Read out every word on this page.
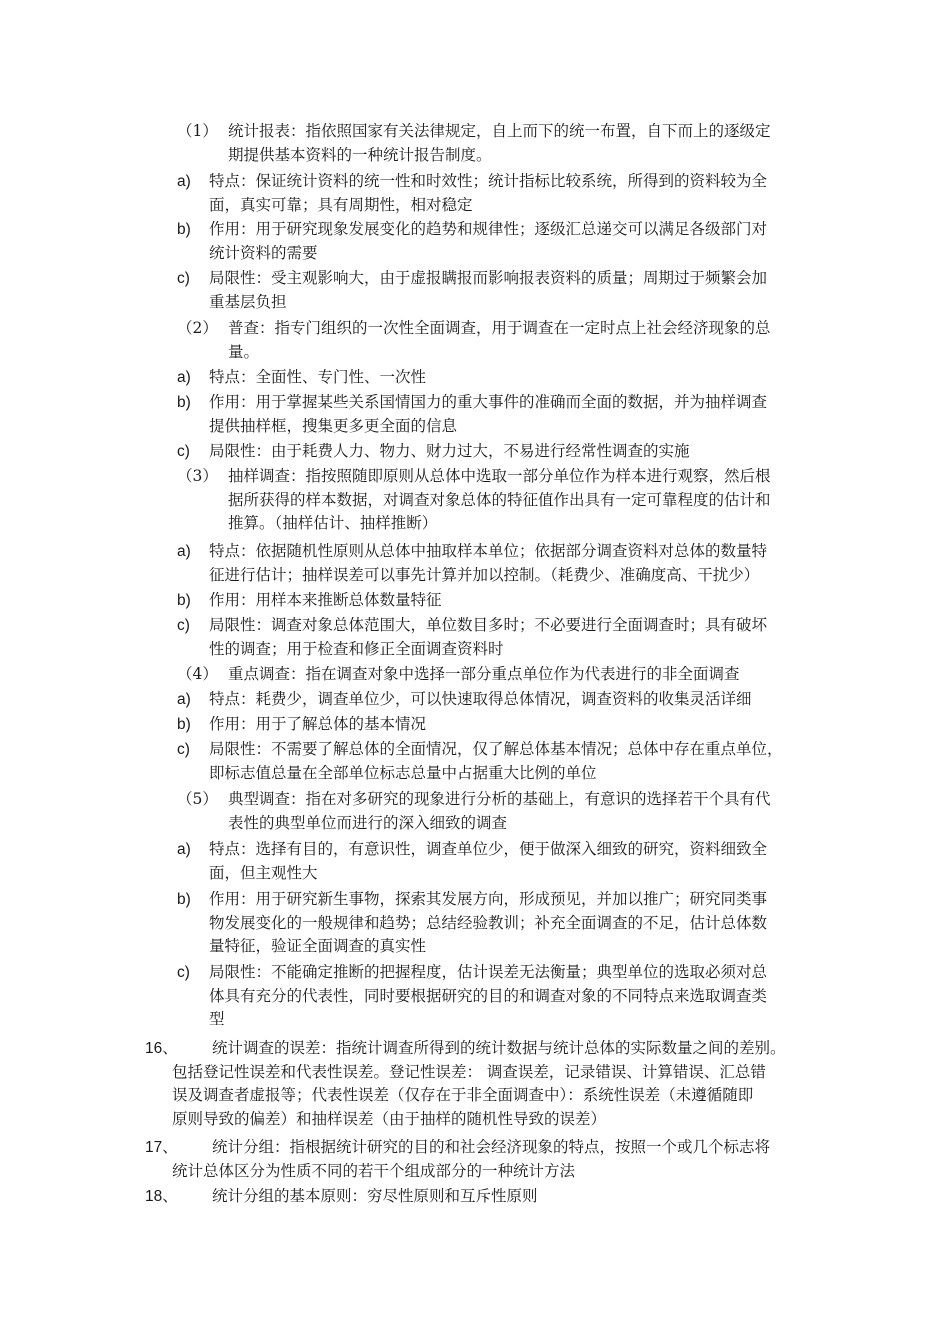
（1） 统计报表：指依照国家有关法律规定，自上而下的统一布置，自下而上的逐级定
期提供基本资料的一种统计报告制度。
a) 特点：保证统计资料的统一性和时效性；统计指标比较系统，所得到的资料较为全
面，真实可靠；具有周期性，相对稳定
b) 作用：用于研究现象发展变化的趋势和规律性；逐级汇总递交可以满足各级部门对
统计资料的需要
c) 局限性：受主观影响大，由于虚报瞒报而影响报表资料的质量；周期过于频繁会加
重基层负担
（2） 普查：指专门组织的一次性全面调查，用于调查在一定时点上社会经济现象的总
量。
a) 特点：全面性、专门性、一次性
b) 作用：用于掌握某些关系国情国力的重大事件的准确而全面的数据，并为抽样调查
提供抽样框，搜集更多更全面的信息
c) 局限性：由于耗费人力、物力、财力过大，不易进行经常性调查的实施
（3） 抽样调查：指按照随即原则从总体中选取一部分单位作为样本进行观察，然后根
据所获得的样本数据，对调查对象总体的特征值作出具有一定可靠程度的估计和
推算。（抽样估计、抽样推断）
a) 特点：依据随机性原则从总体中抽取样本单位；依据部分调查资料对总体的数量特
征进行估计；抽样误差可以事先计算并加以控制。（耗费少、准确度高、干扰少）
b) 作用：用样本来推断总体数量特征
c) 局限性：调查对象总体范围大，单位数目多时；不必要进行全面调查时；具有破坏
性的调查；用于检查和修正全面调查资料时
（4） 重点调查：指在调查对象中选择一部分重点单位作为代表进行的非全面调查
a) 特点：耗费少，调查单位少，可以快速取得总体情况，调查资料的收集灵活详细
b) 作用：用于了解总体的基本情况
c) 局限性：不需要了解总体的全面情况，仅了解总体基本情况；总体中存在重点单位，
即标志值总量在全部单位标志总量中占据重大比例的单位
（5） 典型调查：指在对多研究的现象进行分析的基础上，有意识的选择若干个具有代
表性的典型单位而进行的深入细致的调查
a) 特点：选择有目的，有意识性，调查单位少，便于做深入细致的研究，资料细致全
面，但主观性大
b) 作用：用于研究新生事物，探索其发展方向，形成预见，并加以推广；研究同类事
物发展变化的一般规律和趋势；总结经验教训；补充全面调查的不足，估计总体数
量特征，验证全面调查的真实性
c) 局限性：不能确定推断的把握程度，估计误差无法衡量；典型单位的选取必须对总
体具有充分的代表性，同时要根据研究的目的和调查对象的不同特点来选取调查类
型
16、 统计调查的误差：指统计调查所得到的统计数据与统计总体的实际数量之间的差别。
包括登记性误差和代表性误差。登记性误差： 调查误差，记录错误、计算错误、汇总错
误及调查者虚报等；代表性误差（仅存在于非全面调查中）：系统性误差（未遵循随即
原则导致的偏差）和抽样误差（由于抽样的随机性导致的误差）
17、 统计分组：指根据统计研究的目的和社会经济现象的特点，按照一个或几个标志将
统计总体区分为性质不同的若干个组成部分的一种统计方法
18、 统计分组的基本原则：穷尽性原则和互斥性原则
